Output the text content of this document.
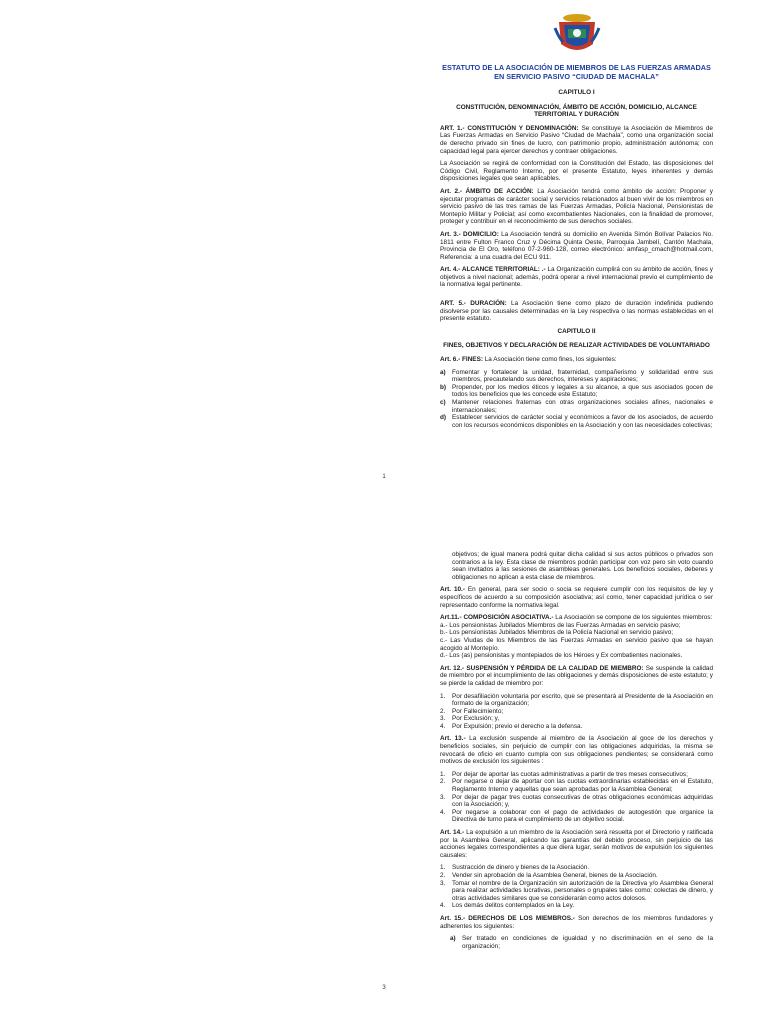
ESTATUTO DE LA ASOCIACIÓN DE MIEMBROS DE LAS FUERZAS ARMADAS EN SERVICIO PASIVO “CIUDAD DE MACHALA”
CAPITULO I
CONSTITUCIÓN, DENOMINACIÓN, ÁMBITO DE ACCIÓN, DOMICILIO, ALCANCE TERRITORIAL Y DURACIÓN

ART. 1.- CONSTITUCIÓN Y DENOMINACIÓN: Se constituye la Asociación de Miembros de Las Fuerzas Armadas en Servicio Pasivo “Ciudad de Machala”, como una organización social de derecho privado sin fines de lucro, con patrimonio propio, administración autónoma; con capacidad legal para ejercer derechos y contraer obligaciones.

La Asociación se regirá de conformidad con la Constitución del Estado, las disposiciones del Código Civil, Reglamento Interno, por el presente Estatuto, leyes inherentes y demás disposiciones legales que sean aplicables.

Art. 2.- ÁMBITO DE ACCIÓN: La Asociación tendrá como ámbito de acción: Proponer y ejecutar programas de carácter social y servicios relacionados al buen vivir de los miembros en servicio pasivo de las tres ramas de las Fuerzas Armadas, Policía Nacional, Pensionistas de Montepío Militar y Policial; así como excombatientes Nacionales, con la finalidad de promover, proteger y contribuir en el reconocimiento de sus derechos sociales.

Art. 3.- DOMICILIO: La Asociación tendrá su domicilio en Avenida Simón Bolívar Palacios No. 1811 entre Fulton Franco Cruz y Décima Quinta Oeste, Parroquia Jambelí, Cantón Machala, Provincia de El Oro, teléfono 07-2-960-128, correo electrónico: amfasp_cmach@hotmail.com, Referencia: a una cuadra del ECU 911.

Art. 4.- ALCANCE TERRITORIAL: .- La Organización cumplirá con su ámbito de acción, fines y objetivos a nivel nacional; además, podrá operar a nivel internacional previo el cumplimiento de la normativa legal pertinente.

ART. 5.- DURACIÓN: La Asociación tiene como plazo de duración indefinida pudiendo disolverse por las causales determinadas en la Ley respectiva o las normas establecidas en el presente estatuto.

CAPITULO II
FINES, OBJETIVOS Y DECLARACIÓN DE REALIZAR ACTIVIDADES DE VOLUNTARIADO

Art. 6.- FINES: La Asociación tiene como fines, los siguientes:

a) Fomentar y fortalecer la unidad, fraternidad, compañerismo y solidaridad entre sus miembros, precautelando sus derechos, intereses y aspiraciones;
b) Propender, por los medios éticos y legales a su alcance, a que sus asociados gocen de todos los beneficios que les concede este Estatuto;
c) Mantener relaciones fraternas con otras organizaciones sociales afines, nacionales e internacionales;
d) Establecer servicios de carácter social y económicos a favor de los asociados, de acuerdo con los recursos económicos disponibles en la Asociación y con las necesidades colectivas;
1

objetivos; de igual manera podrá quitar dicha calidad si sus actos públicos o privados son contrarios a la ley. Esta clase de miembros podrán participar con voz pero sin voto cuando sean invitados a las sesiones de asambleas generales. Los beneficios sociales, deberes y obligaciones no aplican a esta clase de miembros.

Art. 10.- En general, para ser socio o socia se requiere cumplir con los requisitos de ley y específicos de acuerdo a su composición asociativa; así como, tener capacidad jurídica o ser representado conforme la normativa legal.

Art.11.- COMPOSICIÓN ASOCIATIVA.- La Asociación se compone de los siguientes miembros:

a.- Los pensionistas Jubilados Miembros de las Fuerzas Armadas en servicio pasivo;
b.- Los pensionistas Jubilados Miembros de la Policía Nacional en servicio pasivo;
c.- Las Viudas de los Miembros de las Fuerzas Armadas en servicio pasivo que se hayan acogido al Montepío.
d.- Los (as) pensionistas y montepiados de los Héroes y Ex combatientes nacionales.

Art. 12.- SUSPENSIÓN Y PÉRDIDA DE LA CALIDAD DE MIEMBRO: Se suspende la calidad de miembro por el incumplimiento de las obligaciones y demás disposiciones de este estatuto; y se pierde la calidad de miembro por:

1.	Por desafiliación voluntaria por escrito, que se presentará al Presidente de la Asociación en formato de la organización;
2.	Por Fallecimiento;
3.	Por Exclusión; y,
4.	Por Expulsión; previo el derecho a la defensa.

Art. 13.- La exclusión suspende al miembro de la Asociación al goce de los derechos y beneficios sociales, sin perjuicio de cumplir con las obligaciones adquiridas, la misma se revocará de oficio en cuanto cumpla con sus obligaciones pendientes; se considerará como motivos de exclusión los siguientes :

1.	Por dejar de aportar las cuotas administrativas a partir de tres meses consecutivos;
2.	Por negarse o dejar de aportar con las cuotas extraordinarias establecidas en el Estatuto, Reglamento Interno y aquellas que sean aprobadas por la Asamblea General;
3.	Por dejar de pagar tres cuotas consecutivas de otras obligaciones económicas adquiridas con la Asociación; y,
4.	Por negarse a colaborar con el pago de actividades de autogestión que organice la Directiva de turno para el cumplimiento de un objetivo social.

Art. 14.- La expulsión a un miembro de la Asociación será resuelta por el Directorio y ratificada por la Asamblea General, aplicando las garantías del debido proceso, sin perjuicio de las acciones legales correspondientes a que diera lugar, serán motivos de expulsión los siguientes causales:

1.	Sustracción de dinero y bienes de la Asociación.
2.	Vender sin aprobación de la Asamblea General, bienes de la Asociación.
3.	Tomar el nombre de la Organización sin autorización de la Directiva y/o Asamblea General para realizar actividades lucrativas, personales o grupales tales como: colectas de dinero, y otras actividades similares que se considerarán como actos dolosos.
4.	Los demás delitos contemplados en la Ley.

Art. 15.- DERECHOS DE LOS MIEMBROS.- Son derechos de los miembros fundadores y adherentes los siguientes:

a) Ser tratado en condiciones de igualdad y no discriminación en el seno de la organización;
3
